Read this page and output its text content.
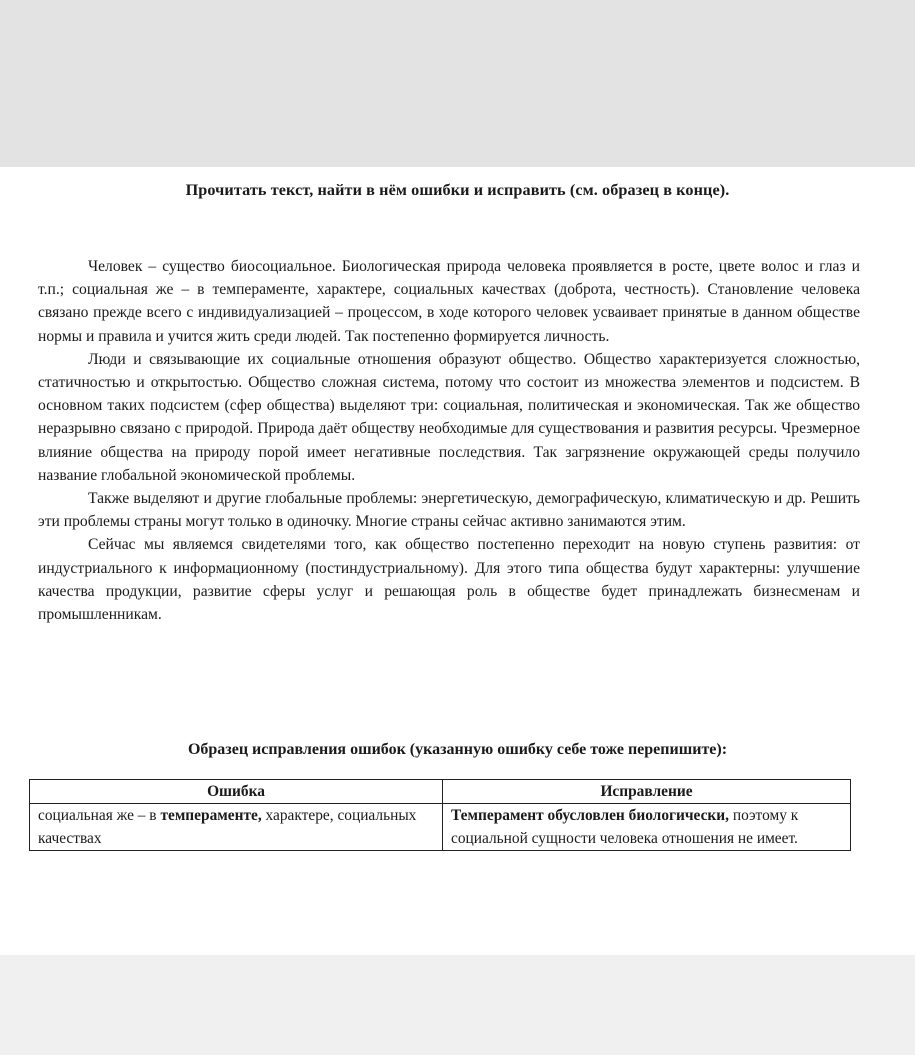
Прочитать текст, найти в нём ошибки и исправить (см. образец в конце).

Человек – существо биосоциальное. Биологическая природа человека проявляется в росте, цвете волос и глаз и т.п.; социальная же – в темпераменте, характере, социальных качествах (доброта, честность). Становление человека связано прежде всего с индивидуализацией – процессом, в ходе которого человек усваивает принятые в данном обществе нормы и правила и учится жить среди людей. Так постепенно формируется личность.

Люди и связывающие их социальные отношения образуют общество. Общество характеризуется сложностью, статичностью и открытостью. Общество сложная система, потому что состоит из множества элементов и подсистем. В основном таких подсистем (сфер общества) выделяют три: социальная, политическая и экономическая. Так же общество неразрывно связано с природой. Природа даёт обществу необходимые для существования и развития ресурсы. Чрезмерное влияние общества на природу порой имеет негативные последствия. Так загрязнение окружающей среды получило название глобальной экономической проблемы.

Также выделяют и другие глобальные проблемы: энергетическую, демографическую, климатическую и др. Решить эти проблемы страны могут только в одиночку. Многие страны сейчас активно занимаются этим.

Сейчас мы являемся свидетелями того, как общество постепенно переходит на новую ступень развития: от индустриального к информационному (постиндустриальному). Для этого типа общества будут характерны: улучшение качества продукции, развитие сферы услуг и решающая роль в обществе будет принадлежать бизнесменам и промышленникам.

Образец исправления ошибок (указанную ошибку себе тоже перепишите):
Ошибка	Исправление
социальная же – в темпераменте, характере, социальных качествах	Темперамент обусловлен биологически, поэтому к социальной сущности человека отношения не имеет.
